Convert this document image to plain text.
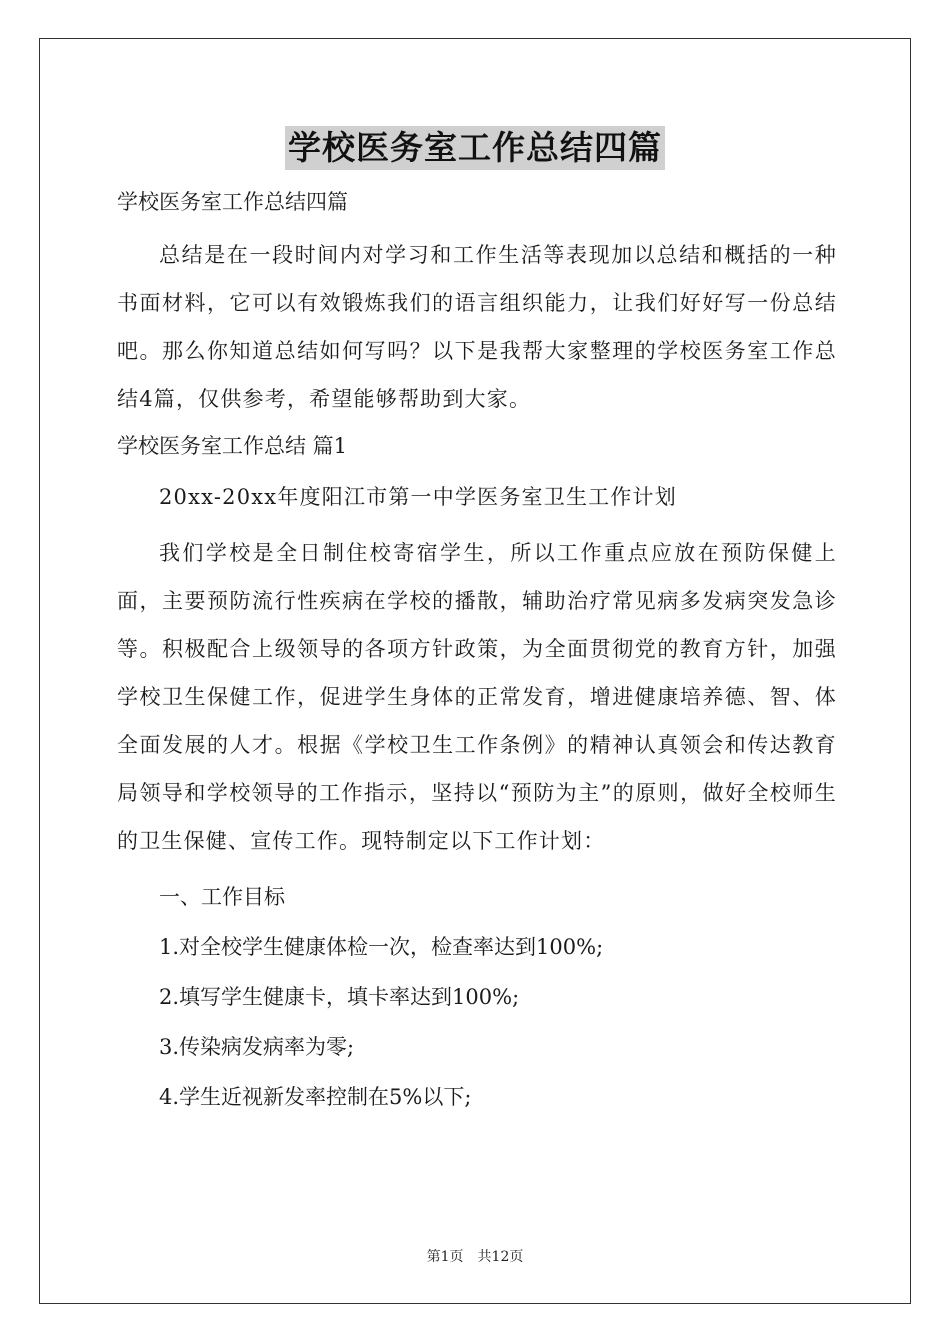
学校医务室工作总结四篇
学校医务室工作总结四篇

总结是在一段时间内对学习和工作生活等表现加以总结和概括的一种书面材料，它可以有效锻炼我们的语言组织能力，让我们好好写一份总结吧。那么你知道总结如何写吗？以下是我帮大家整理的学校医务室工作总结4篇，仅供参考，希望能够帮助到大家。

学校医务室工作总结 篇1

20xx-20xx年度阳江市第一中学医务室卫生工作计划

我们学校是全日制住校寄宿学生，所以工作重点应放在预防保健上面，主要预防流行性疾病在学校的播散，辅助治疗常见病多发病突发急诊等。积极配合上级领导的各项方针政策，为全面贯彻党的教育方针，加强学校卫生保健工作，促进学生身体的正常发育，增进健康培养德、智、体全面发展的人才。根据《学校卫生工作条例》的精神认真领会和传达教育局领导和学校领导的工作指示，坚持以“预防为主”的原则，做好全校师生的卫生保健、宣传工作。现特制定以下工作计划：

一、工作目标
1.对全校学生健康体检一次，检查率达到100%;
2.填写学生健康卡，填卡率达到100%;
3.传染病发病率为零;
4.学生近视新发率控制在5%以下;
第1页 共12页
